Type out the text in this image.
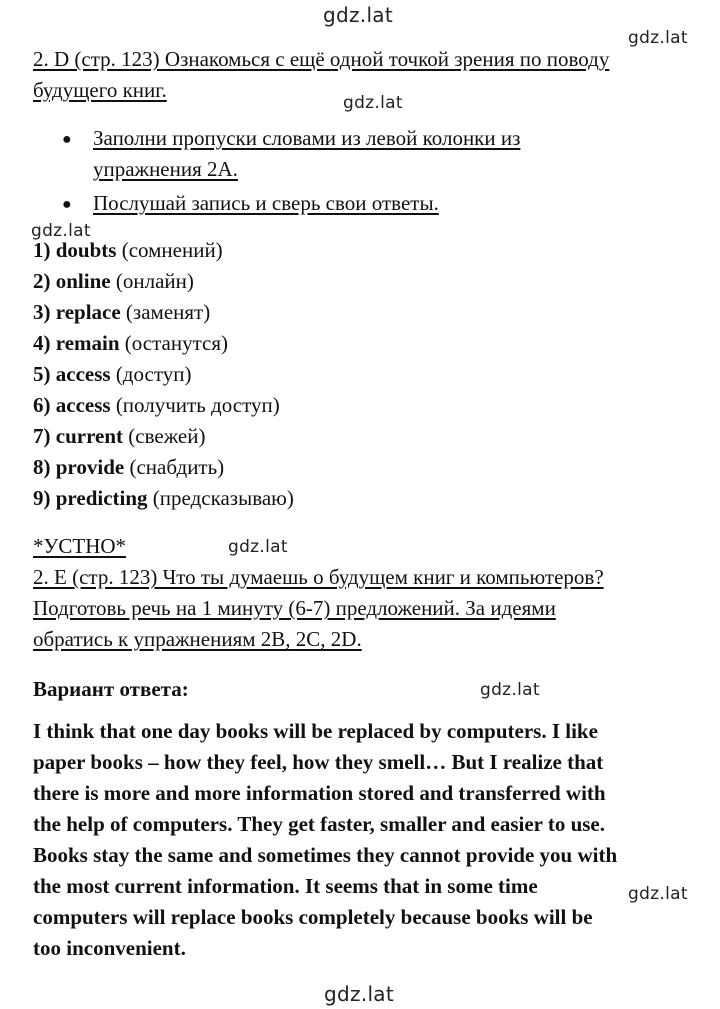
gdz.lat
gdz.lat
gdz.lat
gdz.lat
gdz.lat
gdz.lat
gdz.lat
gdz.lat
2. D (стр. 123) Ознакомься с ещё одной точкой зрения по поводу
будущего книг.
● Заполни пропуски словами из левой колонки из
упражнения 2А.
● Послушай запись и сверь свои ответы.
1) doubts (сомнений)
2) online (онлайн)
3) replace (заменят)
4) remain (останутся)
5) access (доступ)
6) access (получить доступ)
7) current (свежей)
8) provide (снабдить)
9) predicting (предсказываю)
*УСТНО*
2. E (стр. 123) Что ты думаешь о будущем книг и компьютеров?
Подготовь речь на 1 минуту (6-7) предложений. За идеями
обратись к упражнениям 2B, 2C, 2D.
Вариант ответа:
I think that one day books will be replaced by computers. I like
paper books – how they feel, how they smell… But I realize that
there is more and more information stored and transferred with
the help of computers. They get faster, smaller and easier to use.
Books stay the same and sometimes they cannot provide you with
the most current information. It seems that in some time
computers will replace books completely because books will be
too inconvenient.
